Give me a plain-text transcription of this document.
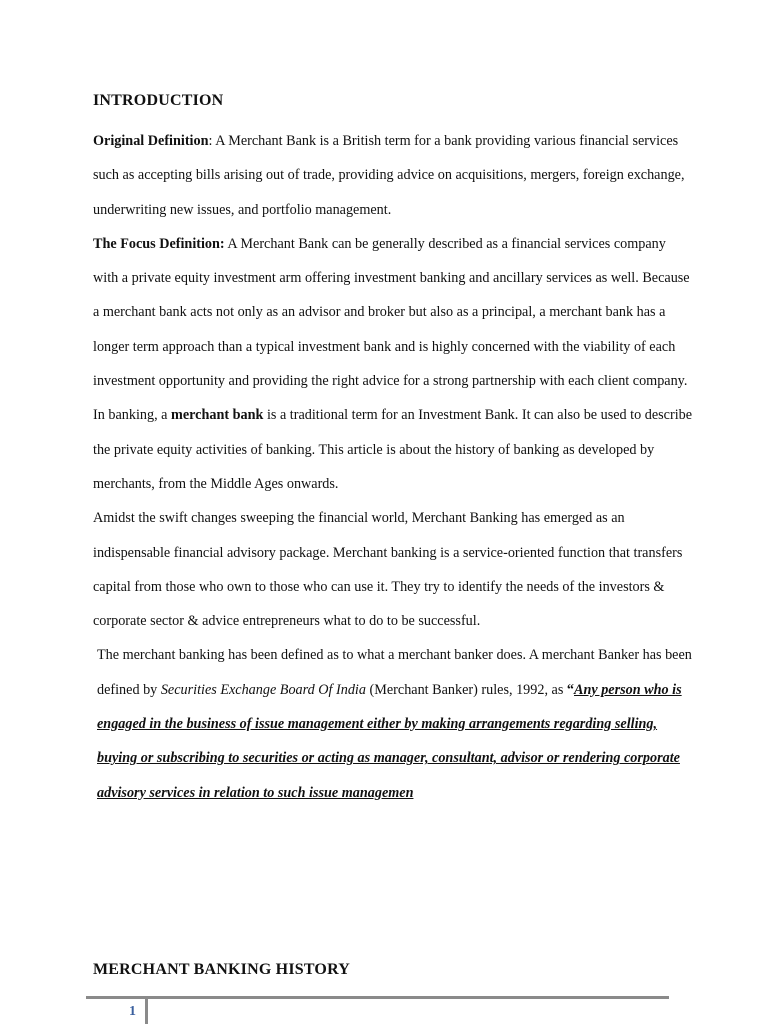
INTRODUCTION

Original Definition: A Merchant Bank is a British term for a bank providing various financial services such as accepting bills arising out of trade, providing advice on acquisitions, mergers, foreign exchange, underwriting new issues, and portfolio management.

The Focus Definition: A Merchant Bank can be generally described as a financial services company with a private equity investment arm offering investment banking and ancillary services as well. Because a merchant bank acts not only as an advisor and broker but also as a principal, a merchant bank has a longer term approach than a typical investment bank and is highly concerned with the viability of each investment opportunity and providing the right advice for a strong partnership with each client company.

In banking, a merchant bank is a traditional term for an Investment Bank. It can also be used to describe the private equity activities of banking. This article is about the history of banking as developed by merchants, from the Middle Ages onwards.

Amidst the swift changes sweeping the financial world, Merchant Banking has emerged as an indispensable financial advisory package. Merchant banking is a service-oriented function that transfers capital from those who own to those who can use it. They try to identify the needs of the investors & corporate sector & advice entrepreneurs what to do to be successful.

The merchant banking has been defined as to what a merchant banker does. A merchant Banker has been defined by Securities Exchange Board Of India (Merchant Banker) rules, 1992, as “Any person who is engaged in the business of issue management either by making arrangements regarding selling, buying or subscribing to securities or acting as manager, consultant, advisor or rendering corporate advisory services in relation to such issue managemen

MERCHANT BANKING HISTORY

1
